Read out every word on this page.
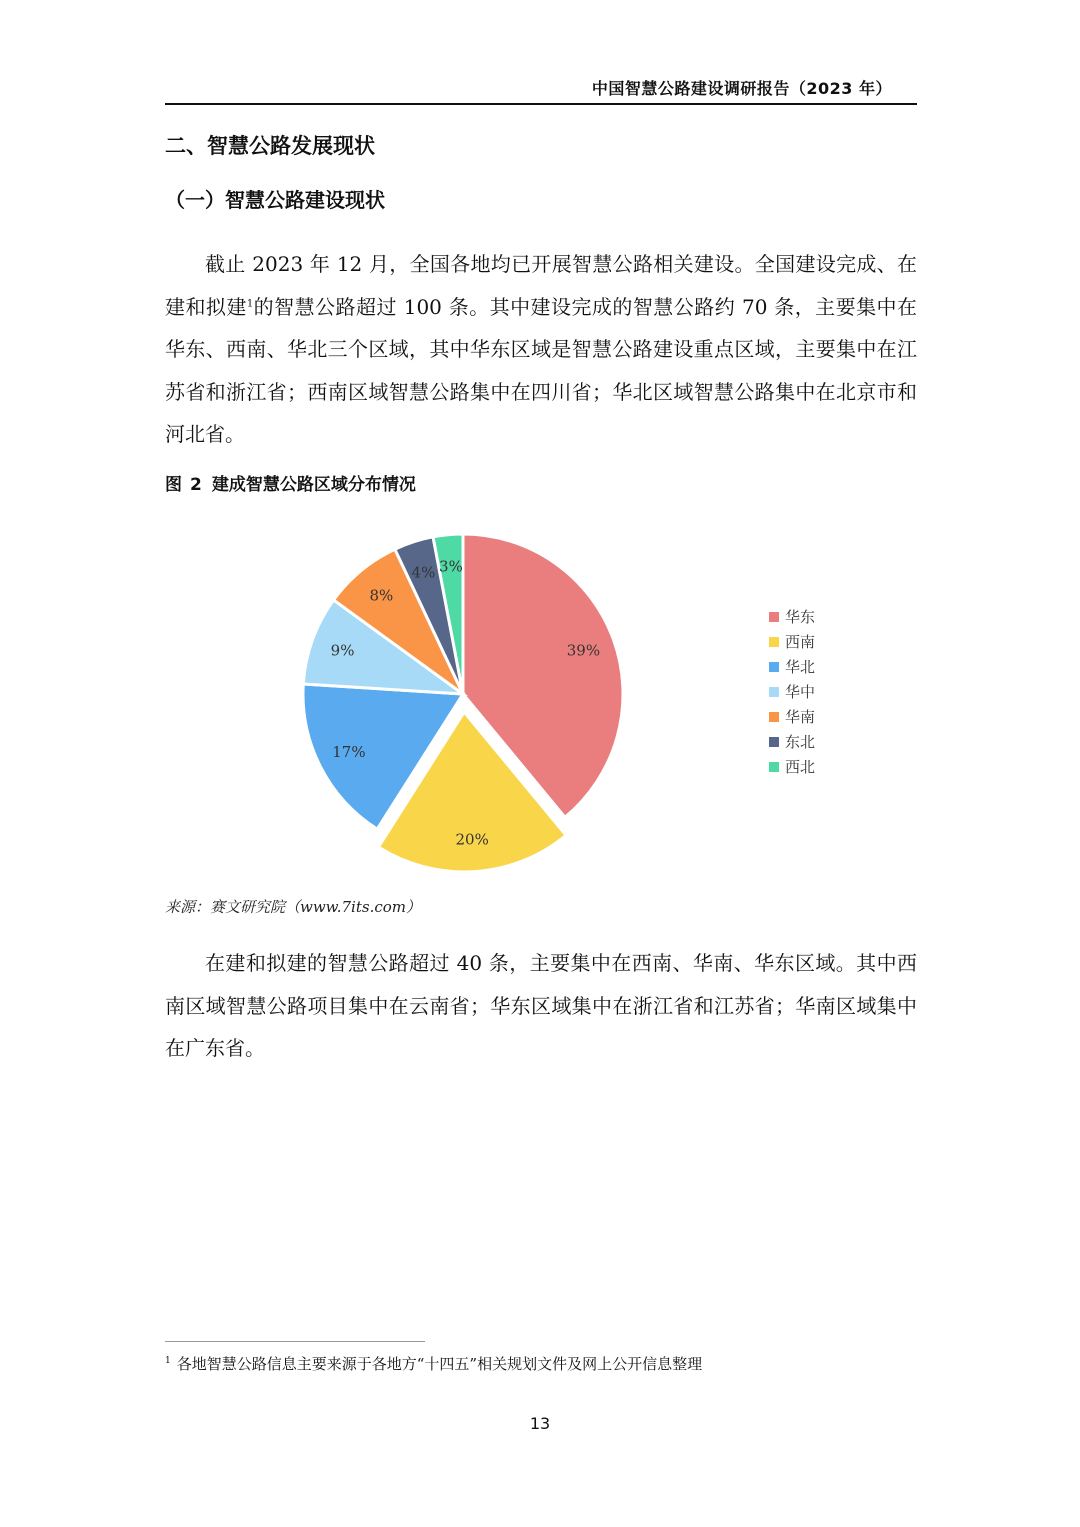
中国智慧公路建设调研报告（2023 年）
二、智慧公路发展现状
（一）智慧公路建设现状

截止 2023 年 12 月，全国各地均已开展智慧公路相关建设。全国建设完成、在建和拟建$^1$的智慧公路超过 100 条。其中建设完成的智慧公路约 70 条，主要集中在华东、西南、华北三个区域，其中华东区域是智慧公路建设重点区域，主要集中在江苏省和浙江省；西南区域智慧公路集中在四川省；华北区域智慧公路集中在北京市和河北省。

图 2 建成智慧公路区域分布情况
39%
20%
17%
9%
8%
4% 3%
华东
西南
华北
华中
华南
东北
西北
来源：赛文研究院（www.7its.com）

在建和拟建的智慧公路超过 40 条，主要集中在西南、华南、华东区域。其中西南区域智慧公路项目集中在云南省；华东区域集中在浙江省和江苏省；华南区域集中在广东省。

$^1$ 各地智慧公路信息主要来源于各地方“十四五”相关规划文件及网上公开信息整理
13
